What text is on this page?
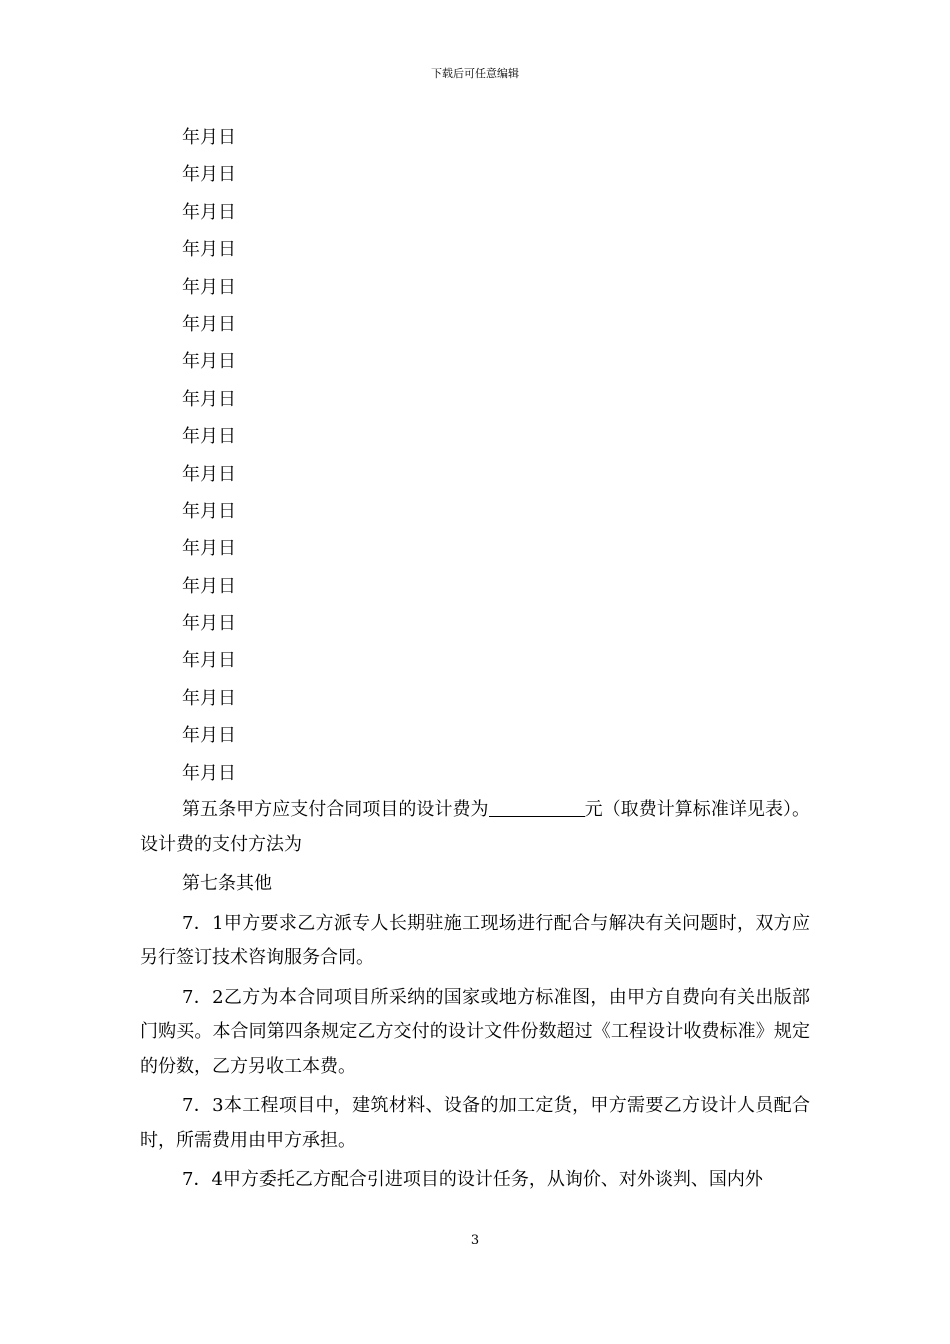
下载后可任意编辑
年月日
年月日
年月日
年月日
年月日
年月日
年月日
年月日
年月日
年月日
年月日
年月日
年月日
年月日
年月日
年月日
年月日
年月日

第五条甲方应支付合同项目的设计费为	元（取费计算标准详见表）。设计费的支付方法为

第七条其他

7．1甲方要求乙方派专人长期驻施工现场进行配合与解决有关问题时，双方应另行签订技术咨询服务合同。

7．2乙方为本合同项目所采纳的国家或地方标准图，由甲方自费向有关出版部门购买。本合同第四条规定乙方交付的设计文件份数超过《工程设计收费标准》规定的份数，乙方另收工本费。

7．3本工程项目中，建筑材料、设备的加工定货，甲方需要乙方设计人员配合时，所需费用由甲方承担。

7．4甲方委托乙方配合引进项目的设计任务，从询价、对外谈判、国内外

3
